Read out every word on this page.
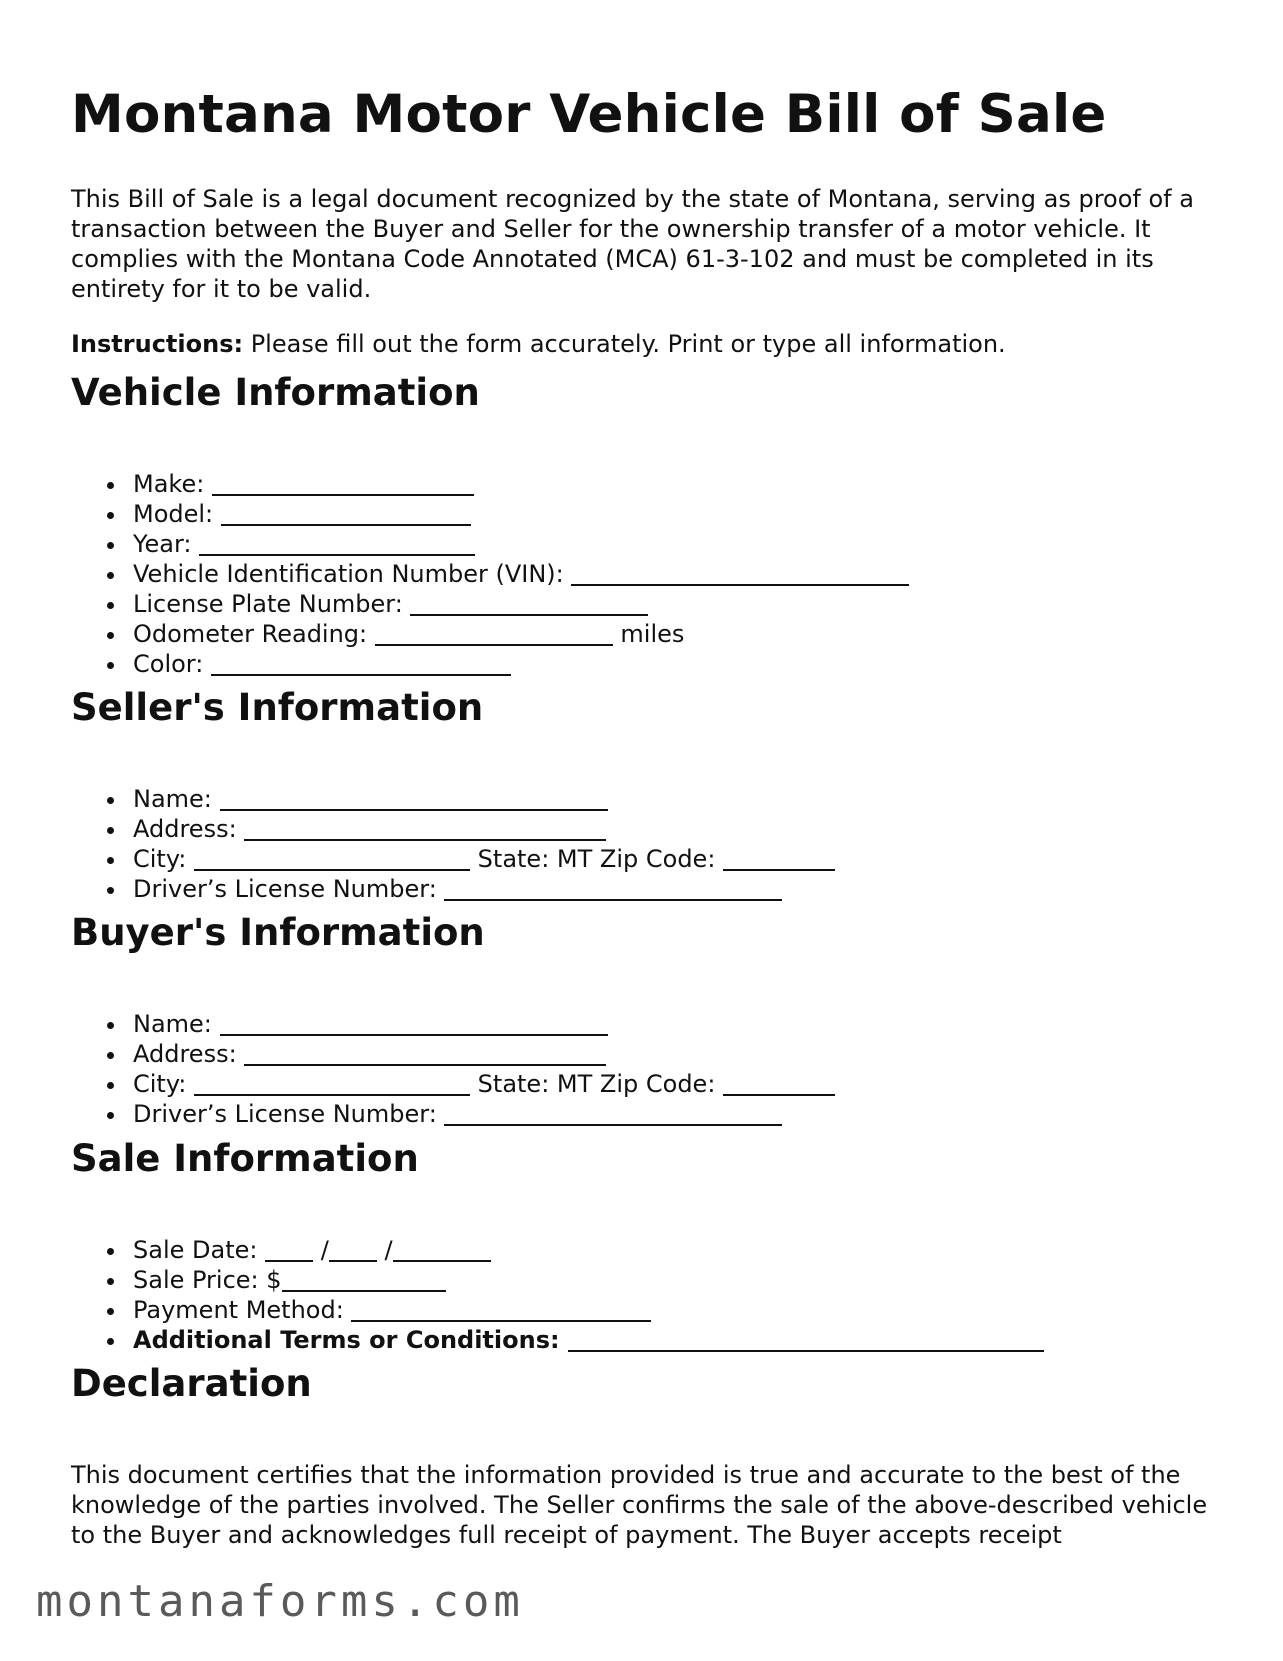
Montana Motor Vehicle Bill of Sale

This Bill of Sale is a legal document recognized by the state of Montana, serving as proof of a transaction between the Buyer and Seller for the ownership transfer of a motor vehicle. It complies with the Montana Code Annotated (MCA) 61-3-102 and must be completed in its entirety for it to be valid.

Instructions: Please fill out the form accurately. Print or type all information.

Vehicle Information
Make:
Model:
Year:
Vehicle Identification Number (VIN):
License Plate Number:
Odometer Reading:	miles
Color:
Seller's Information
Name:
Address:
City:	State: MT Zip Code:
Driver’s License Number:
Buyer's Information
Name:
Address:
City:	State: MT Zip Code:
Driver’s License Number:
Sale Information
Sale Date:	/ /
Sale Price: $
Payment Method:
Additional Terms or Conditions:
Declaration

This document certifies that the information provided is true and accurate to the best of the knowledge of the parties involved. The Seller confirms the sale of the above-described vehicle to the Buyer and acknowledges full receipt of payment. The Buyer accepts receipt

montanaforms.com
